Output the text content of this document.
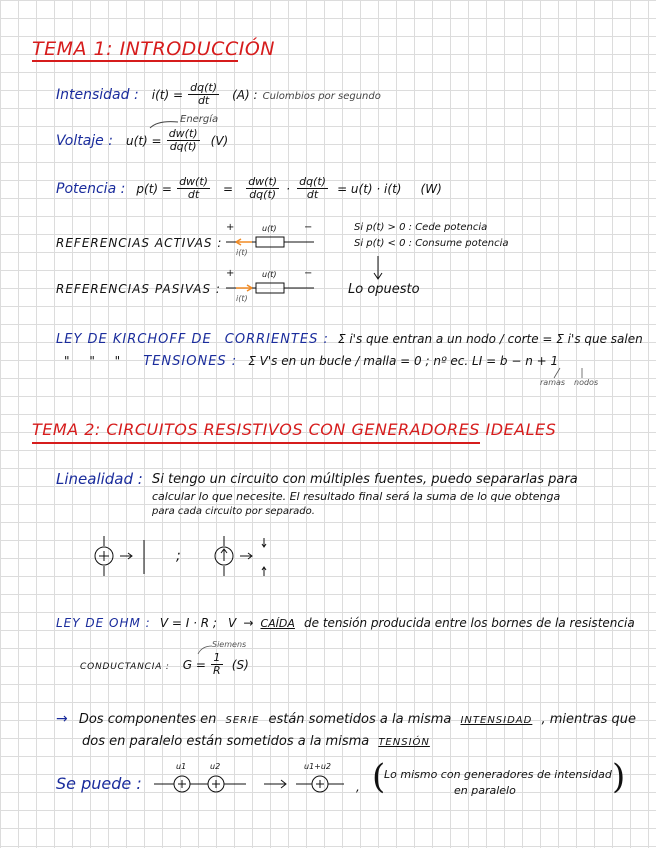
TEMA 1: INTRODUCCIÓN
Intensidad : $i(t) = \frac{dq(t)}{dt} (A)$ : Culombios por segundo
Energía
Voltaje : $u(t) = \frac{dw(t)}{dq(t)} (V)$
Potencia : $p(t) = \frac{dw(t)}{dt} = \frac{dw(t)}{dq(t)} \cdot \frac{dq(t)}{dt} = u(t) \cdot i(t)$ (W)
REFERENCIAS ACTIVAS :
+	−
u(t)
i(t)
Si p(t) > 0 : Cede potencia
Si p(t) < 0 : Consume potencia
REFERENCIAS PASIVAS :
+	−
u(t)
i(t)
Lo opuesto
LEY DE KIRCHOFF DE CORRIENTES : Σ i's que entran a un nodo / corte = Σ i's que salen
" " " TENSIONES : Σ V's en un bucle / malla = 0 ; nº ec. LI = b − n + 1
ramas nodos
TEMA 2: CIRCUITOS RESISTIVOS CON GENERADORES IDEALES
Linealidad : Si tengo un circuito con múltiples fuentes, puedo separarlas para
calcular lo que necesite. El resultado final será la suma de lo que obtenga
para cada circuito por separado.
;
LEY DE OHM : V = I · R ; V → CAÍDA de tensión producida entre los bornes de la resistencia
Siemens
CONDUCTANCIA : $G = \frac{1}{R} (S)$
→ Dos componentes en SERIE están sometidos a la misma INTENSIDAD , mientras que
dos en paralelo están sometidos a la misma TENSIÓN
Se puede :
u1	u2	u1+u2
, (
Lo mismo con generadores de intensidad
en paralelo	)
